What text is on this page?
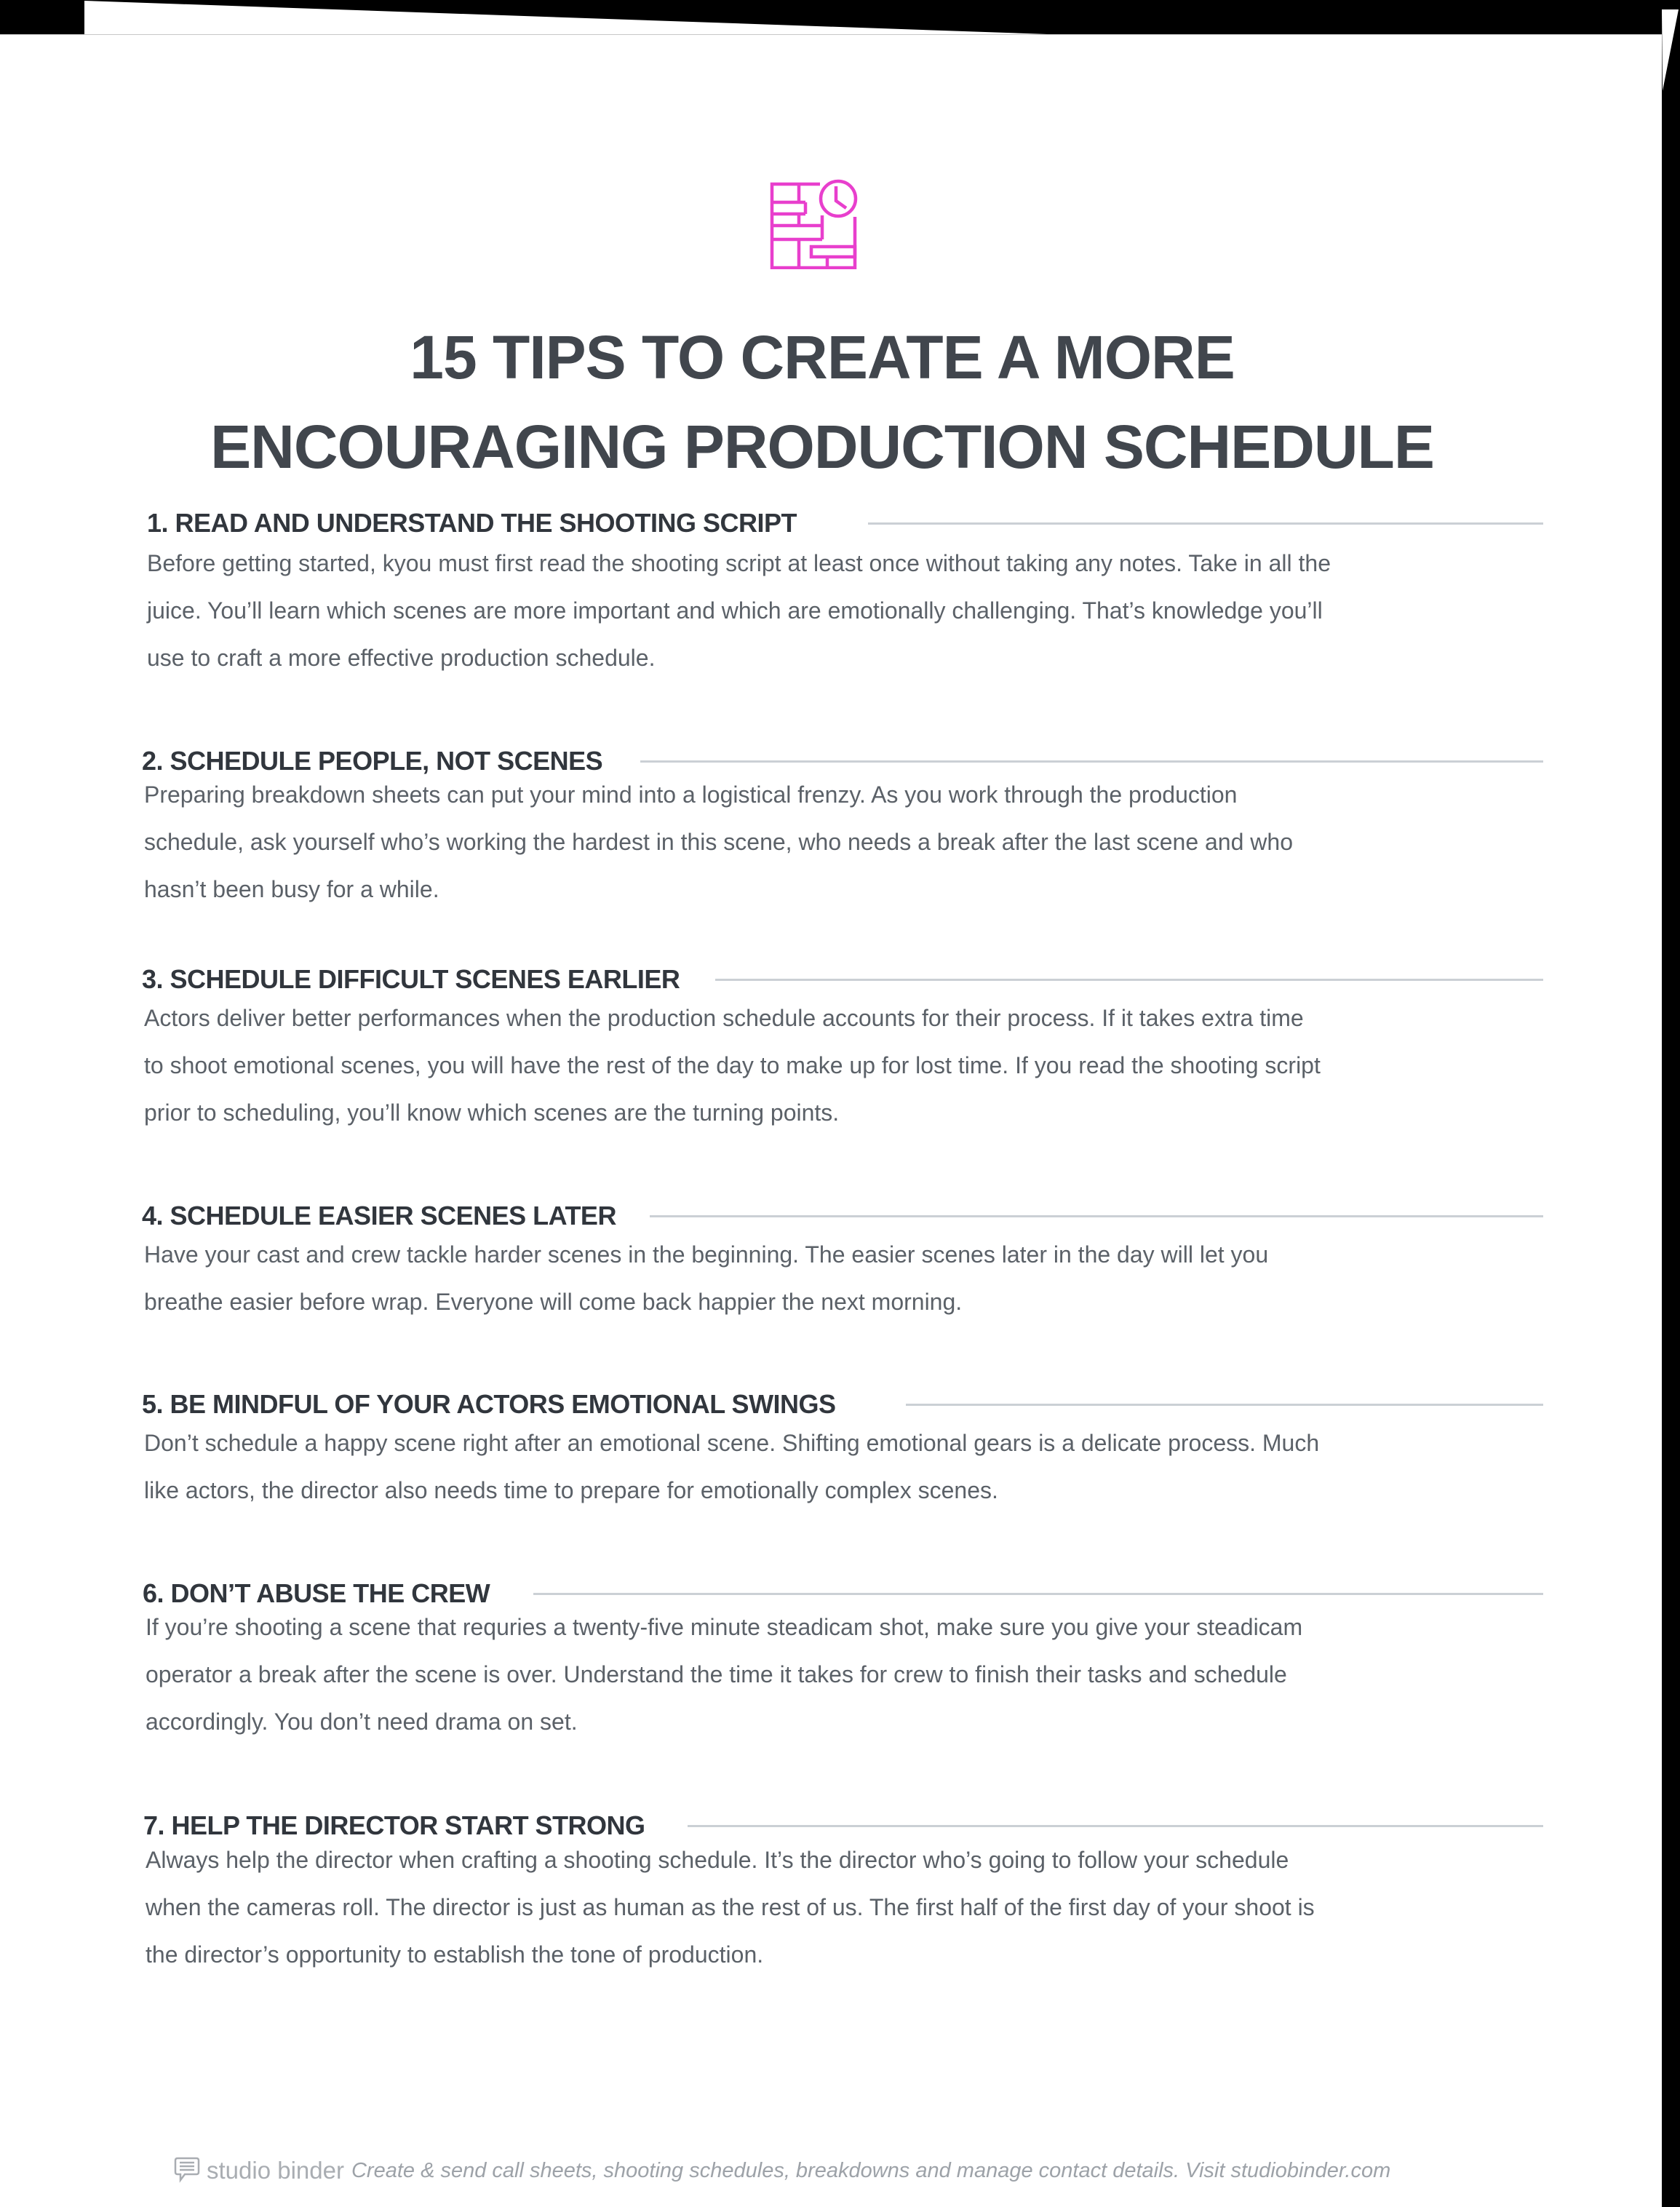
15 TIPS TO CREATE A MORE
ENCOURAGING PRODUCTION SCHEDULE
1. READ AND UNDERSTAND THE SHOOTING SCRIPT
Before getting started, kyou must first read the shooting script at least once without taking any notes. Take in all the
juice. You’ll learn which scenes are more important and which are emotionally challenging. That’s knowledge you’ll
use to craft a more effective production schedule.
2. SCHEDULE PEOPLE, NOT SCENES
Preparing breakdown sheets can put your mind into a logistical frenzy. As you work through the production
schedule, ask yourself who’s working the hardest in this scene, who needs a break after the last scene and who
hasn’t been busy for a while.
3. SCHEDULE DIFFICULT SCENES EARLIER
Actors deliver better performances when the production schedule accounts for their process. If it takes extra time
to shoot emotional scenes, you will have the rest of the day to make up for lost time. If you read the shooting script
prior to scheduling, you’ll know which scenes are the turning points.
4. SCHEDULE EASIER SCENES LATER
Have your cast and crew tackle harder scenes in the beginning. The easier scenes later in the day will let you
breathe easier before wrap. Everyone will come back happier the next morning.
5. BE MINDFUL OF YOUR ACTORS EMOTIONAL SWINGS
Don’t schedule a happy scene right after an emotional scene. Shifting emotional gears is a delicate process. Much
like actors, the director also needs time to prepare for emotionally complex scenes.
6. DON’T ABUSE THE CREW
If you’re shooting a scene that requries a twenty-five minute steadicam shot, make sure you give your steadicam
operator a break after the scene is over. Understand the time it takes for crew to finish their tasks and schedule
accordingly. You don’t need drama on set.
7. HELP THE DIRECTOR START STRONG
Always help the director when crafting a shooting schedule. It’s the director who’s going to follow your schedule
when the cameras roll. The director is just as human as the rest of us. The first half of the first day of your shoot is
the director’s opportunity to establish the tone of production.
studio binder Create & send call sheets, shooting schedules, breakdowns and manage contact details. Visit studiobinder.com
